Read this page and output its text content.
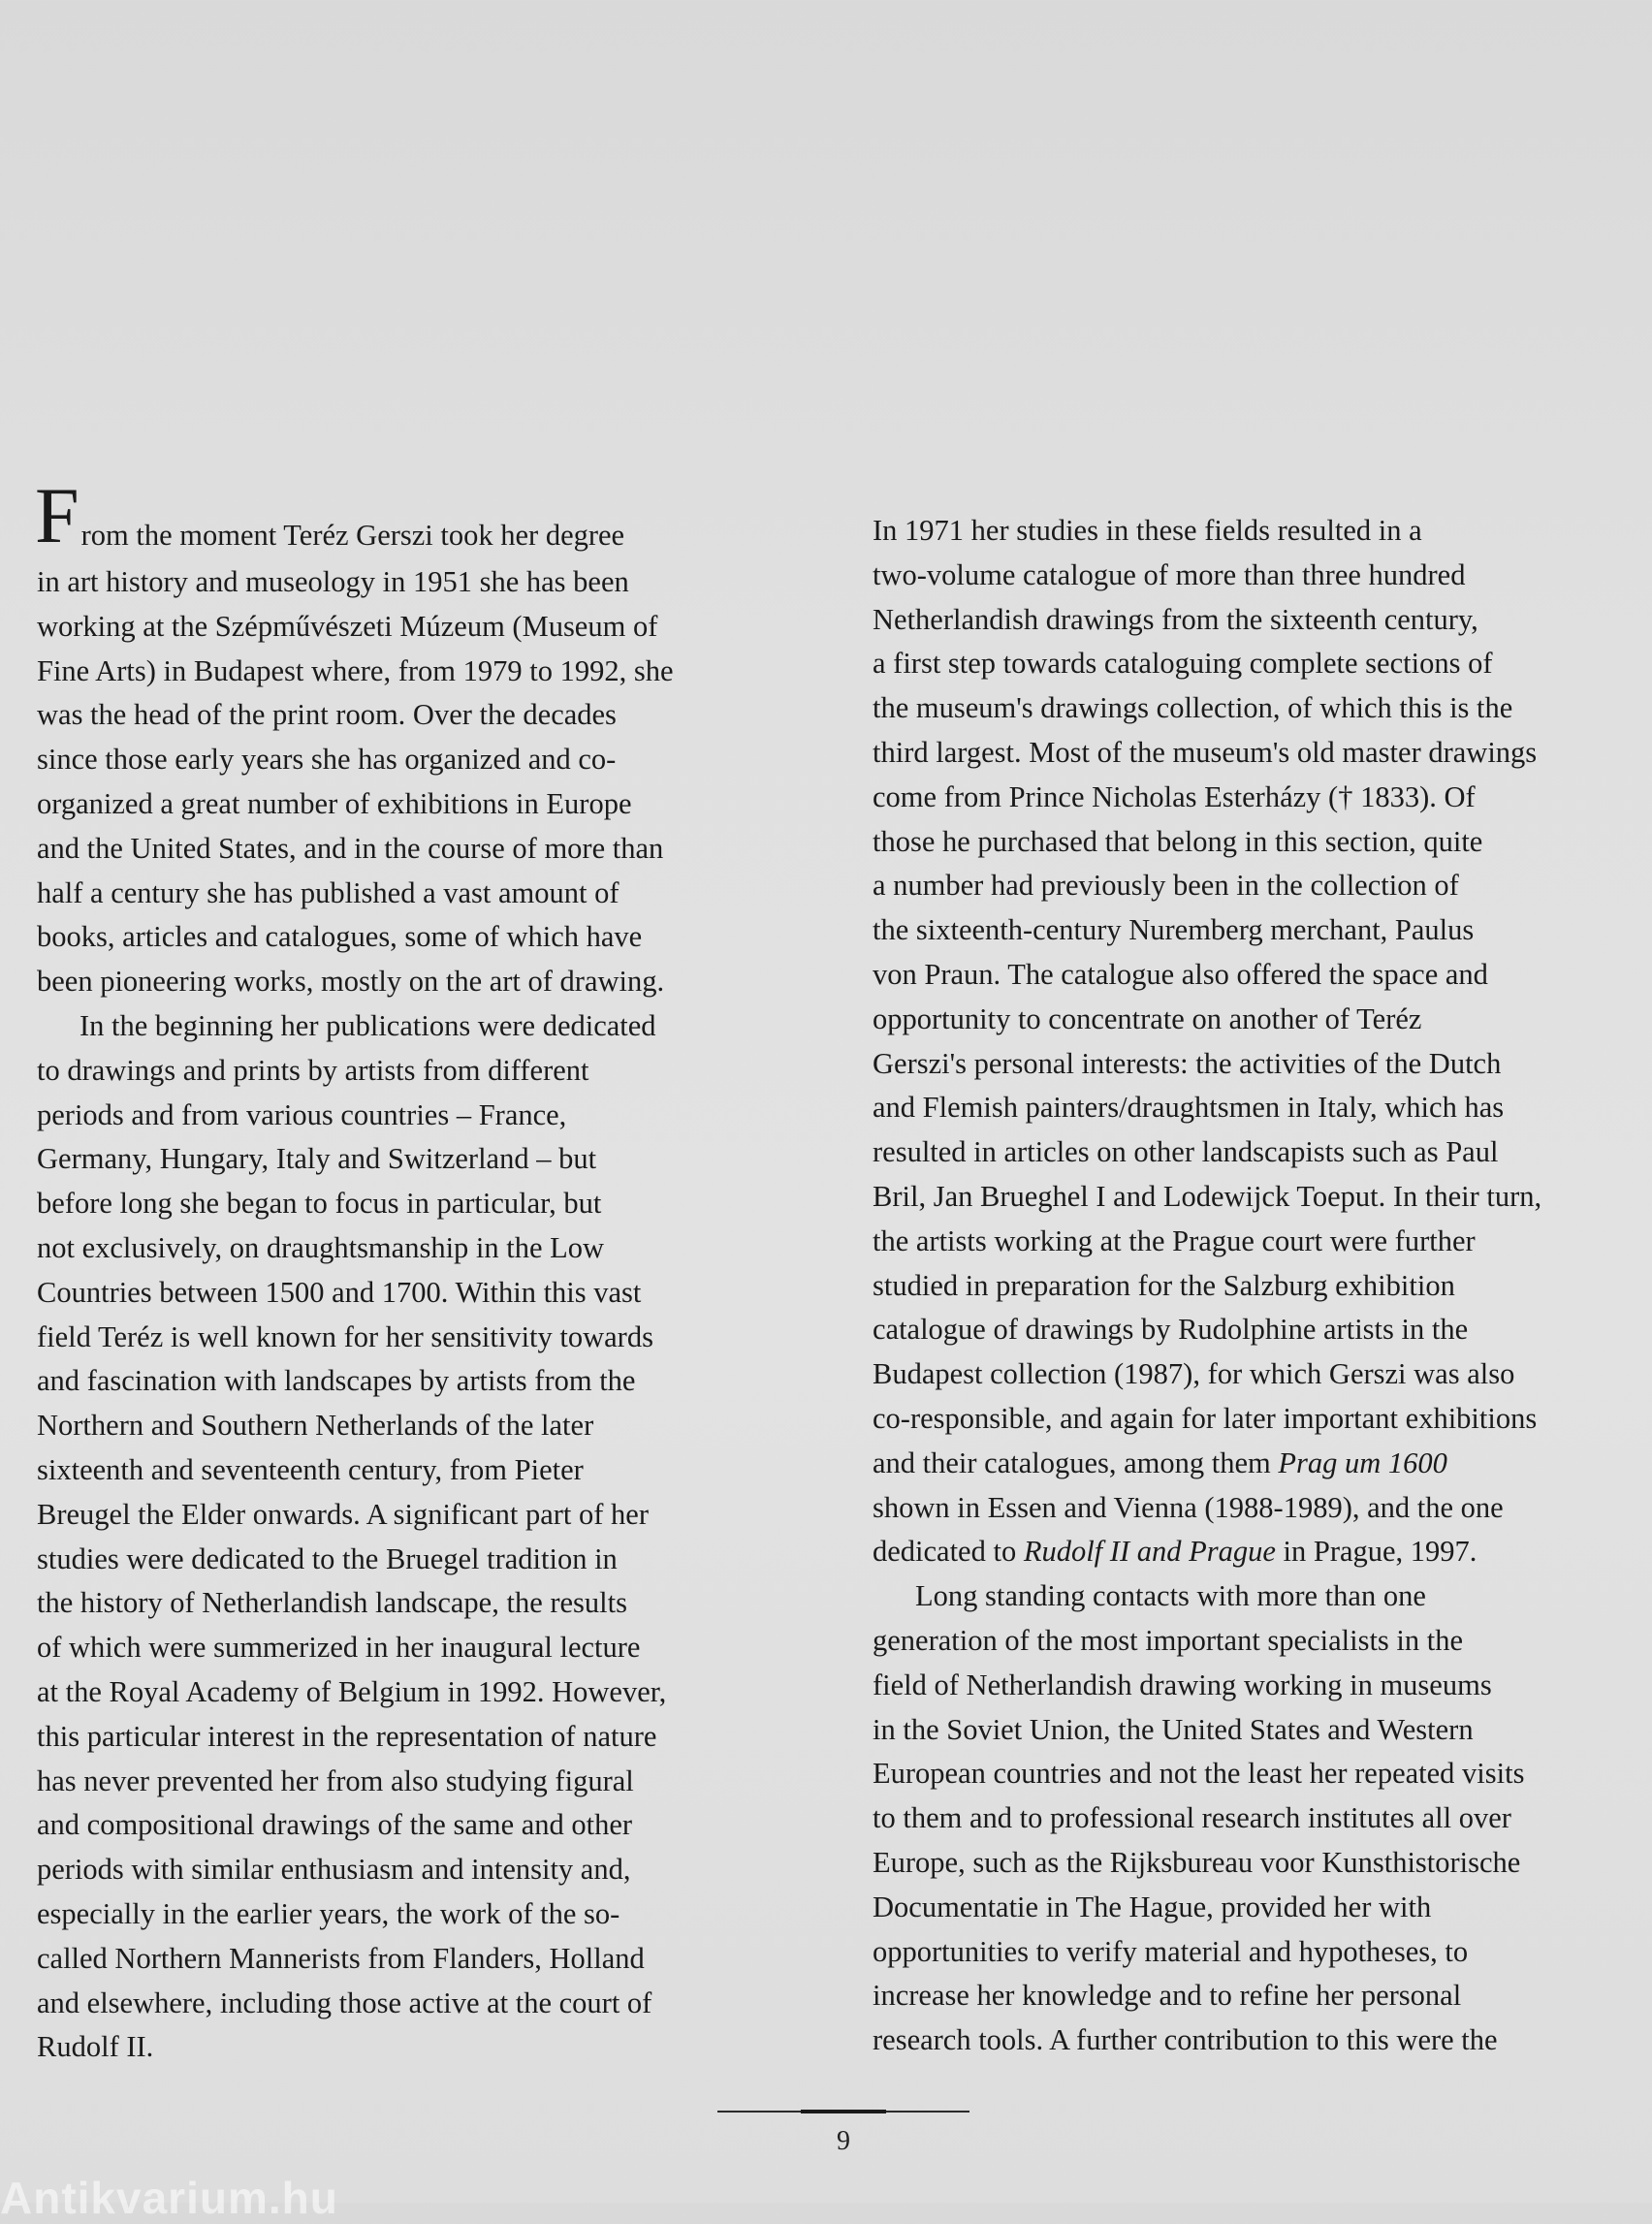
F rom the moment Teréz Gerszi took her degree
in art history and museology in 1951 she has been
working at the Szépművészeti Múzeum (Museum of
Fine Arts) in Budapest where, from 1979 to 1992, she
was the head of the print room. Over the decades
since those early years she has organized and co-
organized a great number of exhibitions in Europe
and the United States, and in the course of more than
half a century she has published a vast amount of
books, articles and catalogues, some of which have
been pioneering works, mostly on the art of drawing.
In the beginning her publications were dedicated
to drawings and prints by artists from different
periods and from various countries – France,
Germany, Hungary, Italy and Switzerland – but
before long she began to focus in particular, but
not exclusively, on draughtsmanship in the Low
Countries between 1500 and 1700. Within this vast
field Teréz is well known for her sensitivity towards
and fascination with landscapes by artists from the
Northern and Southern Netherlands of the later
sixteenth and seventeenth century, from Pieter
Breugel the Elder onwards. A significant part of her
studies were dedicated to the Bruegel tradition in
the history of Netherlandish landscape, the results
of which were summerized in her inaugural lecture
at the Royal Academy of Belgium in 1992. However,
this particular interest in the representation of nature
has never prevented her from also studying figural
and compositional drawings of the same and other
periods with similar enthusiasm and intensity and,
especially in the earlier years, the work of the so-
called Northern Mannerists from Flanders, Holland
and elsewhere, including those active at the court of
Rudolf II.
In 1971 her studies in these fields resulted in a
two-volume catalogue of more than three hundred
Netherlandish drawings from the sixteenth century,
a first step towards cataloguing complete sections of
the museum's drawings collection, of which this is the
third largest. Most of the museum's old master drawings
come from Prince Nicholas Esterházy († 1833). Of
those he purchased that belong in this section, quite
a number had previously been in the collection of
the sixteenth-century Nuremberg merchant, Paulus
von Praun. The catalogue also offered the space and
opportunity to concentrate on another of Teréz
Gerszi's personal interests: the activities of the Dutch
and Flemish painters/draughtsmen in Italy, which has
resulted in articles on other landscapists such as Paul
Bril, Jan Brueghel I and Lodewijck Toeput. In their turn,
the artists working at the Prague court were further
studied in preparation for the Salzburg exhibition
catalogue of drawings by Rudolphine artists in the
Budapest collection (1987), for which Gerszi was also
co-responsible, and again for later important exhibitions
and their catalogues, among them Prag um 1600
shown in Essen and Vienna (1988-1989), and the one
dedicated to Rudolf II and Prague in Prague, 1997.
Long standing contacts with more than one
generation of the most important specialists in the
field of Netherlandish drawing working in museums
in the Soviet Union, the United States and Western
European countries and not the least her repeated visits
to them and to professional research institutes all over
Europe, such as the Rijksbureau voor Kunsthistorische
Documentatie in The Hague, provided her with
opportunities to verify material and hypotheses, to
increase her knowledge and to refine her personal
research tools. A further contribution to this were the
9
Antikvarium.hu
